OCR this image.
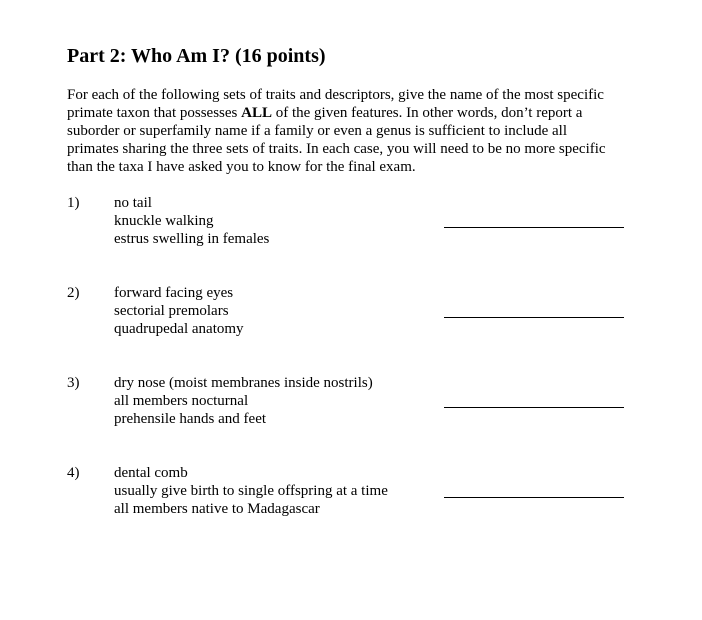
Part 2: Who Am I? (16 points)

For each of the following sets of traits and descriptors, give the name of the most specific
primate taxon that possesses ALL of the given features. In other words, don’t report a
suborder or superfamily name if a family or even a genus is sufficient to include all
primates sharing the three sets of traits. In each case, you will need to be no more specific
than the taxa I have asked you to know for the final exam.

1) no tail
knuckle walking
estrus swelling in females
2) forward facing eyes
sectorial premolars
quadrupedal anatomy
3) dry nose (moist membranes inside nostrils)
all members nocturnal
prehensile hands and feet
4) dental comb
usually give birth to single offspring at a time
all members native to Madagascar
